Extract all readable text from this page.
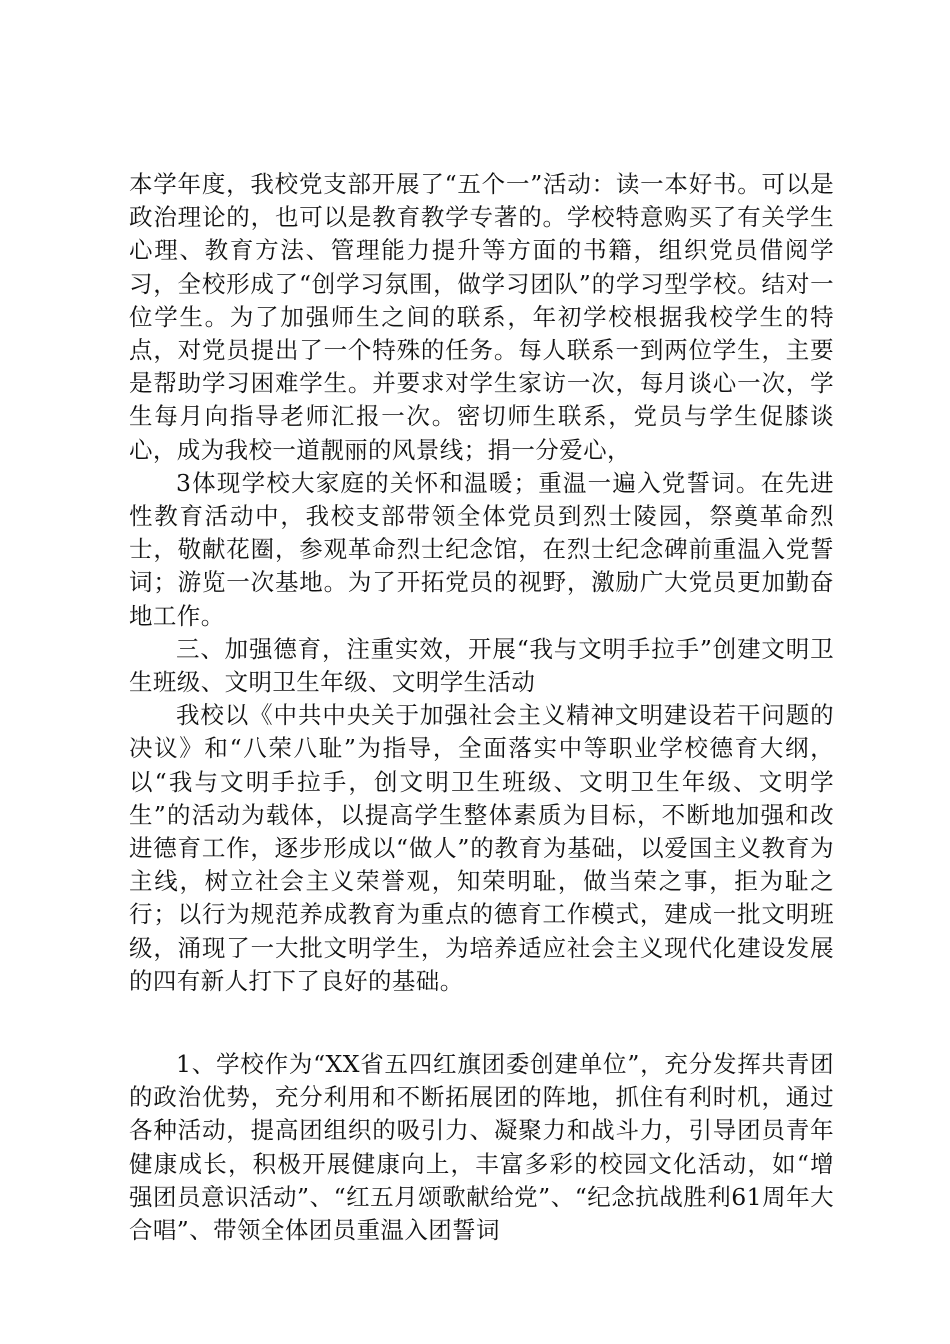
本学年度，我校党支部开展了“五个一”活动：读一本好书。可以是政治理论的，也可以是教育教学专著的。学校特意购买了有关学生心理、教育方法、管理能力提升等方面的书籍，组织党员借阅学习，全校形成了“创学习氛围，做学习团队”的学习型学校。结对一位学生。为了加强师生之间的联系，年初学校根据我校学生的特点，对党员提出了一个特殊的任务。每人联系一到两位学生，主要是帮助学习困难学生。并要求对学生家访一次，每月谈心一次，学生每月向指导老师汇报一次。密切师生联系，党员与学生促膝谈心，成为我校一道靓丽的风景线；捐一分爱心，

3体现学校大家庭的关怀和温暖；重温一遍入党誓词。在先进性教育活动中，我校支部带领全体党员到烈士陵园，祭奠革命烈士，敬献花圈，参观革命烈士纪念馆，在烈士纪念碑前重温入党誓词；游览一次基地。为了开拓党员的视野，激励广大党员更加勤奋地工作。

三、加强德育，注重实效，开展“我与文明手拉手”创建文明卫生班级、文明卫生年级、文明学生活动

我校以《中共中央关于加强社会主义精神文明建设若干问题的决议》和“八荣八耻”为指导，全面落实中等职业学校德育大纲，以“我与文明手拉手，创文明卫生班级、文明卫生年级、文明学生”的活动为载体，以提高学生整体素质为目标，不断地加强和改进德育工作，逐步形成以“做人”的教育为基础，以爱国主义教育为主线，树立社会主义荣誉观，知荣明耻，做当荣之事，拒为耻之行；以行为规范养成教育为重点的德育工作模式，建成一批文明班级，涌现了一大批文明学生，为培养适应社会主义现代化建设发展的四有新人打下了良好的基础。

1、学校作为“XX省五四红旗团委创建单位”，充分发挥共青团的政治优势，充分利用和不断拓展团的阵地，抓住有利时机，通过各种活动，提高团组织的吸引力、凝聚力和战斗力，引导团员青年健康成长，积极开展健康向上，丰富多彩的校园文化活动，如“增强团员意识活动”、“红五月颂歌献给党”、“纪念抗战胜利61周年大合唱”、带领全体团员重温入团誓词
